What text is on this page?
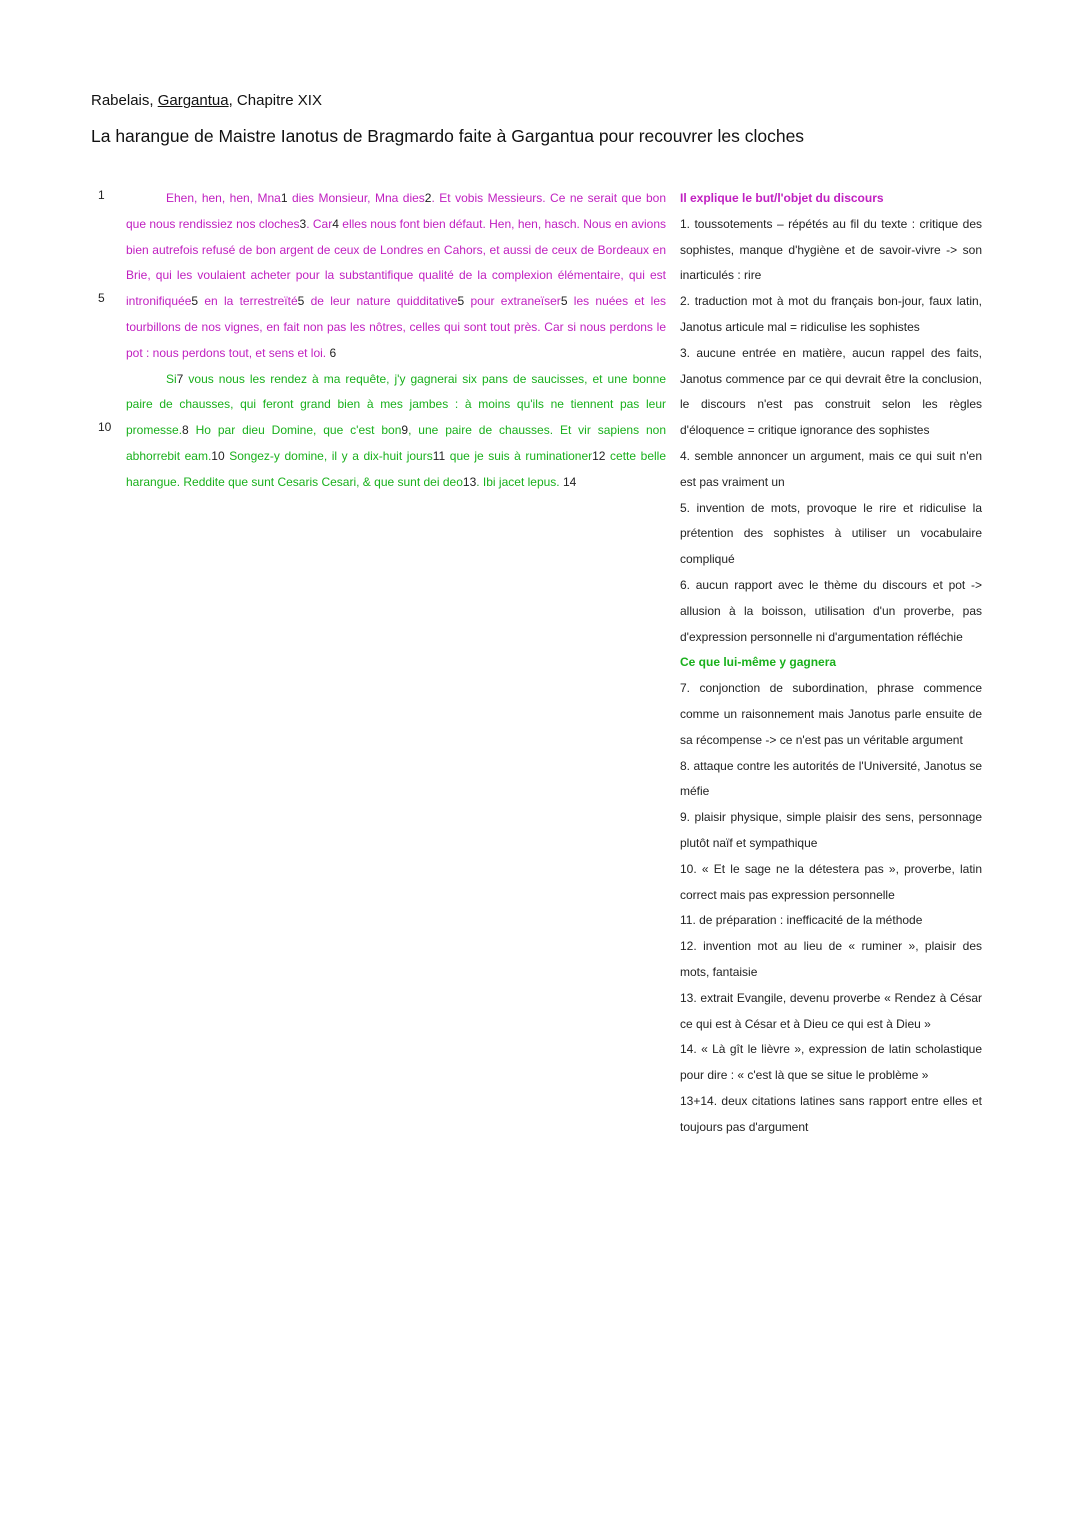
Rabelais, Gargantua, Chapitre XIX
La harangue de Maistre Ianotus de Bragmardo faite à Gargantua pour recouvrer les cloches
1
5
10

Ehen, hen, hen, Mna1 dies Monsieur, Mna dies2. Et vobis Messieurs. Ce ne serait que bon que nous rendissiez nos cloches3. Car4 elles nous font bien défaut. Hen, hen, hasch. Nous en avions bien autrefois refusé de bon argent de ceux de Londres en Cahors, et aussi de ceux de Bordeaux en Brie, qui les voulaient acheter pour la substantifique qualité de la complexion élémentaire, qui est intronifiquée5 en la terrestreïté5 de leur nature quidditative5 pour extraneïser5 les nuées et les tourbillons de nos vignes, en fait non pas les nôtres, celles qui sont tout près. Car si nous perdons le pot : nous perdons tout, et sens et loi. 6

Si7 vous nous les rendez à ma requête, j'y gagnerai six pans de saucisses, et une bonne paire de chausses, qui feront grand bien à mes jambes : à moins qu'ils ne tiennent pas leur promesse.8 Ho par dieu Domine, que c'est bon9, une paire de chausses. Et vir sapiens non abhorrebit eam.10 Songez-y domine, il y a dix-huit jours11 que je suis à ruminationer12 cette belle harangue. Reddite que sunt Cesaris Cesari, & que sunt dei deo13. Ibi jacet lepus. 14

Il explique le but/l'objet du discours

1. toussotements – répétés au fil du texte : critique des sophistes, manque d'hygiène et de savoir-vivre -> son inarticulés : rire

2. traduction mot à mot du français bon-jour, faux latin, Janotus articule mal = ridiculise les sophistes

3. aucune entrée en matière, aucun rappel des faits, Janotus commence par ce qui devrait être la conclusion, le discours n'est pas construit selon les règles d'éloquence = critique ignorance des sophistes

4. semble annoncer un argument, mais ce qui suit n'en est pas vraiment un

5. invention de mots, provoque le rire et ridiculise la prétention des sophistes à utiliser un vocabulaire compliqué

6. aucun rapport avec le thème du discours et pot -> allusion à la boisson, utilisation d'un proverbe, pas d'expression personnelle ni d'argumentation réfléchie

Ce que lui-même y gagnera

7. conjonction de subordination, phrase commence comme un raisonnement mais Janotus parle ensuite de sa récompense -> ce n'est pas un véritable argument

8. attaque contre les autorités de l'Université, Janotus se méfie

9. plaisir physique, simple plaisir des sens, personnage plutôt naïf et sympathique

10. « Et le sage ne la détestera pas », proverbe, latin correct mais pas expression personnelle

11. de préparation : inefficacité de la méthode

12. invention mot au lieu de « ruminer », plaisir des mots, fantaisie

13. extrait Evangile, devenu proverbe « Rendez à César ce qui est à César et à Dieu ce qui est à Dieu »

14. « Là gît le lièvre », expression de latin scholastique pour dire : « c'est là que se situe le problème »

13+14. deux citations latines sans rapport entre elles et toujours pas d'argument
